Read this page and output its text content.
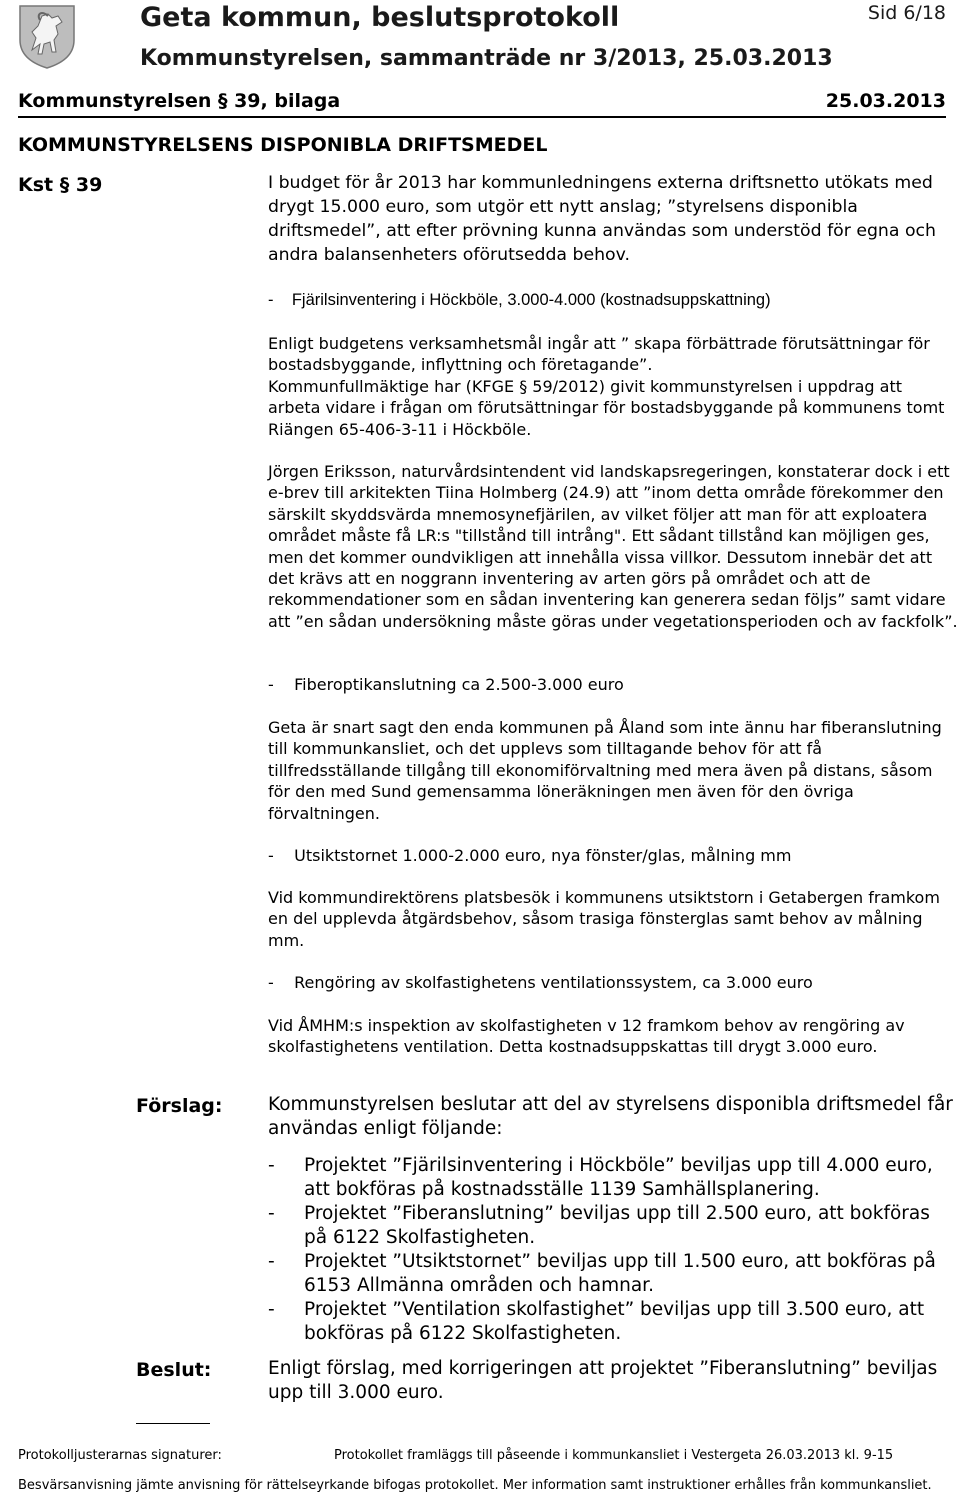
Geta kommun, beslutsprotokoll
Kommunstyrelsen, sammanträde nr 3/2013, 25.03.2013
Sid 6/18
Kommunstyrelsen § 39, bilaga	25.03.2013
KOMMUNSTYRELSENS DISPONIBLA DRIFTSMEDEL
Kst § 39	I budget för år 2013 har kommunledningens externa driftsnetto utökats med drygt 15.000 euro, som utgör ett nytt anslag; ”styrelsens disponibla driftsmedel”, att efter prövning kunna användas som understöd för egna och andra balansenheters oförutsedda behov.
-    Fjärilsinventering i Höckböle, 3.000-4.000 (kostnadsuppskattning)
Enligt budgetens verksamhetsmål ingår att ” skapa förbättrade förutsättningar för bostadsbyggande, inflyttning och företagande”.
Kommunfullmäktige har (KFGE § 59/2012) givit kommunstyrelsen i uppdrag att arbeta vidare i frågan om förutsättningar för bostadsbyggande på kommunens tomt Riängen 65-406-3-11 i Höckböle.
Jörgen Eriksson, naturvårdsintendent vid landskapsregeringen, konstaterar dock i ett e-brev till arkitekten Tiina Holmberg (24.9) att ”inom detta område förekommer den särskilt skyddsvärda mnemosynefjärilen, av vilket följer att man för att exploatera området måste få LR:s "tillstånd till intrång". Ett sådant tillstånd kan möjligen ges, men det kommer oundvikligen att innehålla vissa villkor. Dessutom innebär det att det krävs att en noggrann inventering av arten görs på området och att de rekommendationer som en sådan inventering kan generera sedan följs” samt vidare att ”en sådan undersökning måste göras under vegetationsperioden och av fackfolk”.
-    Fiberoptikanslutning ca 2.500-3.000 euro
Geta är snart sagt den enda kommunen på Åland som inte ännu har fiberanslutning till kommunkansliet, och det upplevs som tilltagande behov för att få tillfredsställande tillgång till ekonomiförvaltning med mera även på distans, såsom för den med Sund gemensamma löneräkningen men även för den övriga förvaltningen.
-    Utsiktstornet 1.000-2.000 euro, nya fönster/glas, målning mm
Vid kommundirektörens platsbesök i kommunens utsiktstorn i Getabergen framkom en del upplevda åtgärdsbehov, såsom trasiga fönsterglas samt behov av målning mm.
-    Rengöring av skolfastighetens ventilationssystem, ca 3.000 euro
Vid ÅMHM:s inspektion av skolfastigheten v 12 framkom behov av rengöring av skolfastighetens ventilation. Detta kostnadsuppskattas till drygt 3.000 euro.
Förslag: Kommunstyrelsen beslutar att del av styrelsens disponibla driftsmedel får användas enligt följande:
- Projektet ”Fjärilsinventering i Höckböle” beviljas upp till 4.000 euro, att bokföras på kostnadsställe 1139 Samhällsplanering.
- Projektet ”Fiberanslutning” beviljas upp till 2.500 euro, att bokföras på 6122 Skolfastigheten.
- Projektet ”Utsiktstornet” beviljas upp till 1.500 euro, att bokföras på 6153 Allmänna områden och hamnar.
- Projektet ”Ventilation skolfastighet” beviljas upp till 3.500 euro, att bokföras på 6122 Skolfastigheten.
Beslut:	Enligt förslag, med korrigeringen att projektet ”Fiberanslutning” beviljas upp till 3.000 euro.
Protokolljusterarnas signaturer:	Protokollet framläggs till påseende i kommunkansliet i Vestergeta 26.03.2013 kl. 9-15
Besvärsanvisning jämte anvisning för rättelseyrkande bifogas protokollet. Mer information samt instruktioner erhålles från kommunkansliet.
